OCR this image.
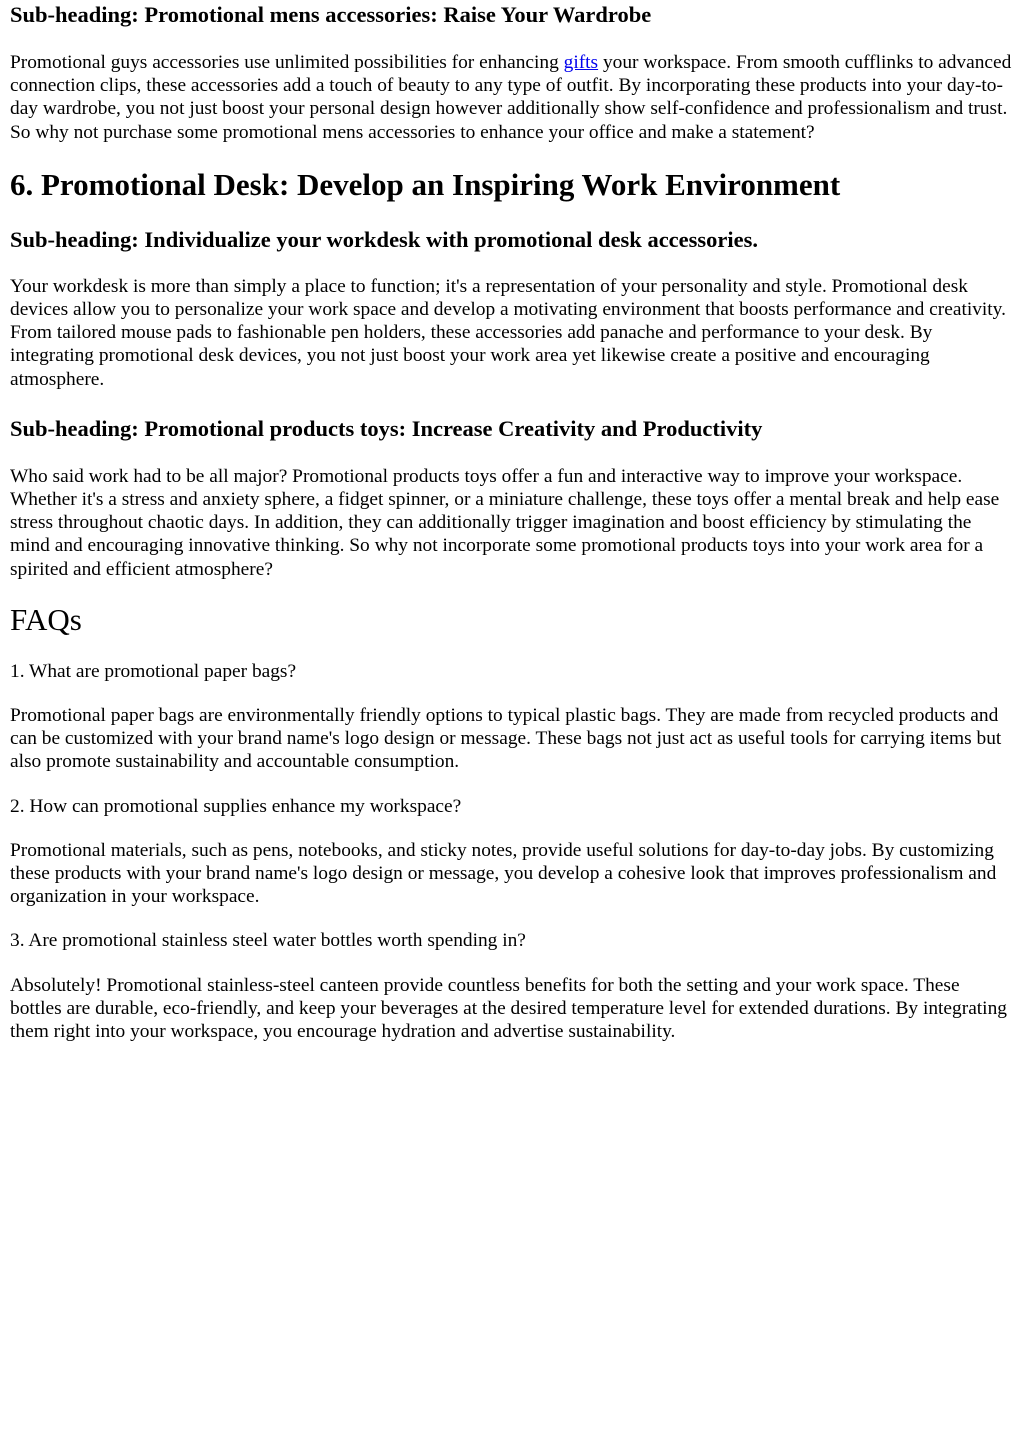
Sub-heading: Promotional mens accessories: Raise Your Wardrobe

Promotional guys accessories use unlimited possibilities for enhancing gifts your workspace. From smooth cufflinks to advanced connection clips, these accessories add a touch of beauty to any type of outfit. By incorporating these products into your day-to-day wardrobe, you not just boost your personal design however additionally show self-confidence and professionalism and trust. So why not purchase some promotional mens accessories to enhance your office and make a statement?

6. Promotional Desk: Develop an Inspiring Work Environment
Sub-heading: Individualize your workdesk with promotional desk accessories.

Your workdesk is more than simply a place to function; it's a representation of your personality and style. Promotional desk devices allow you to personalize your work space and develop a motivating environment that boosts performance and creativity. From tailored mouse pads to fashionable pen holders, these accessories add panache and performance to your desk. By integrating promotional desk devices, you not just boost your work area yet likewise create a positive and encouraging atmosphere.

Sub-heading: Promotional products toys: Increase Creativity and Productivity

Who said work had to be all major? Promotional products toys offer a fun and interactive way to improve your workspace. Whether it's a stress and anxiety sphere, a fidget spinner, or a miniature challenge, these toys offer a mental break and help ease stress throughout chaotic days. In addition, they can additionally trigger imagination and boost efficiency by stimulating the mind and encouraging innovative thinking. So why not incorporate some promotional products toys into your work area for a spirited and efficient atmosphere?

FAQs

1. What are promotional paper bags?

Promotional paper bags are environmentally friendly options to typical plastic bags. They are made from recycled products and can be customized with your brand name's logo design or message. These bags not just act as useful tools for carrying items but also promote sustainability and accountable consumption.

2. How can promotional supplies enhance my workspace?

Promotional materials, such as pens, notebooks, and sticky notes, provide useful solutions for day-to-day jobs. By customizing these products with your brand name's logo design or message, you develop a cohesive look that improves professionalism and organization in your workspace.

3. Are promotional stainless steel water bottles worth spending in?

Absolutely! Promotional stainless-steel canteen provide countless benefits for both the setting and your work space. These bottles are durable, eco-friendly, and keep your beverages at the desired temperature level for extended durations. By integrating them right into your workspace, you encourage hydration and advertise sustainability.
